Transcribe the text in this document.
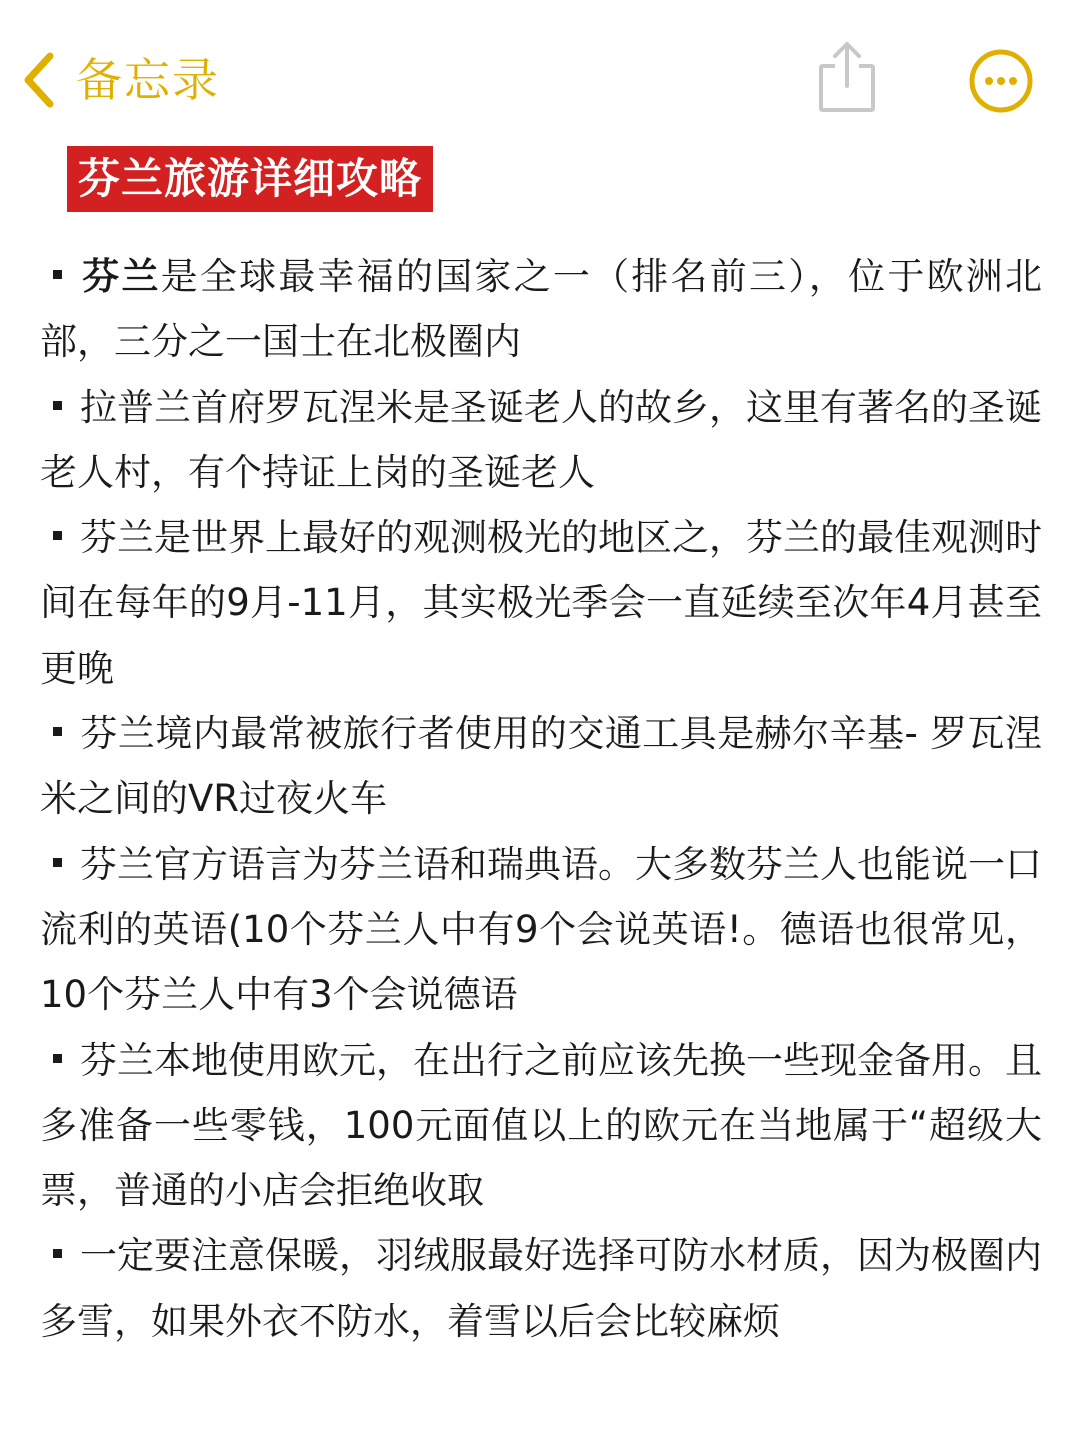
备忘录
芬兰旅游详细攻略

芬兰是全球最幸福的国家之一（排名前三），位于欧洲北部，三分之一国士在北极圈内

拉普兰首府罗瓦涅米是圣诞老人的故乡，这里有著名的圣诞老人村，有个持证上岗的圣诞老人

芬兰是世界上最好的观测极光的地区之，芬兰的最佳观测时间在每年的9月-11月，其实极光季会一直延续至次年4月甚至更晚

芬兰境内最常被旅行者使用的交通工具是赫尔辛基- 罗瓦涅米之间的VR过夜火车

芬兰官方语言为芬兰语和瑞典语。大多数芬兰人也能说一口流利的英语(10个芬兰人中有9个会说英语!。德语也很常见，10个芬兰人中有3个会说德语

芬兰本地使用欧元，在出行之前应该先换一些现金备用。且多准备一些零钱，100元面值以上的欧元在当地属于“超级大票，普通的小店会拒绝收取

一定要注意保暖，羽绒服最好选择可防水材质，因为极圈内多雪，如果外衣不防水，着雪以后会比较麻烦
